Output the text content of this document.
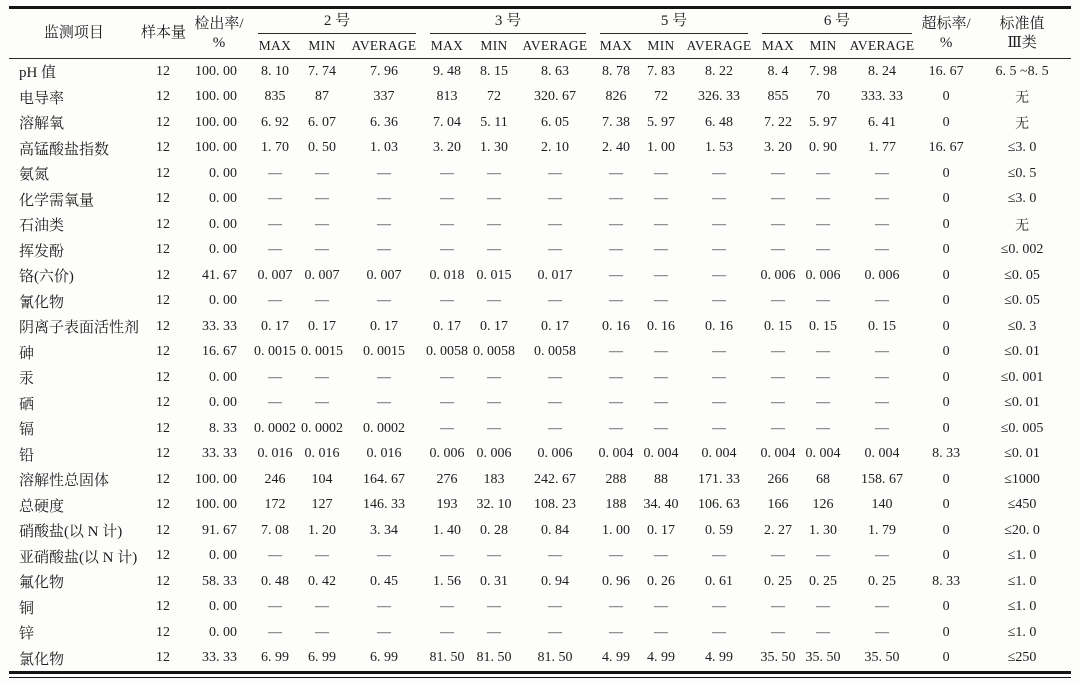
监测项目	样本量	检出率/
%	2 号			3 号			5 号			6 号			超标率/
%	标准值
Ⅲ类

			MAX	MIN	AVERAGE	MAX	MIN	AVERAGE	MAX	MIN	AVERAGE	MAX	MIN	AVERAGE		
pH 值	12	100. 00	8. 10	7. 74	7. 96	9. 48	8. 15	8. 63	8. 78	7. 83	8. 22	8. 4	7. 98	8. 24	16. 67	6. 5 ~8. 5
电导率	12	100. 00	835	87	337	813	72	320. 67	826	72	326. 33	855	70	333. 33	0	无
溶解氧	12	100. 00	6. 92	6. 07	6. 36	7. 04	5. 11	6. 05	7. 38	5. 97	6. 48	7. 22	5. 97	6. 41	0	无
高锰酸盐指数	12	100. 00	1. 70	0. 50	1. 03	3. 20	1. 30	2. 10	2. 40	1. 00	1. 53	3. 20	0. 90	1. 77	16. 67	≤3. 0
氨氮	12	0. 00	—	—	—	—	—	—	—	—	—	—	—	—	0	≤0. 5
化学需氧量	12	0. 00	—	—	—	—	—	—	—	—	—	—	—	—	0	≤3. 0
石油类	12	0. 00	—	—	—	—	—	—	—	—	—	—	—	—	0	无
挥发酚	12	0. 00	—	—	—	—	—	—	—	—	—	—	—	—	0	≤0. 002
铬(六价)	12	41. 67	0. 007	0. 007	0. 007	0. 018	0. 015	0. 017	—	—	—	0. 006	0. 006	0. 006	0	≤0. 05
氰化物	12	0. 00	—	—	—	—	—	—	—	—	—	—	—	—	0	≤0. 05
阴离子表面活性剂	12	33. 33	0. 17	0. 17	0. 17	0. 17	0. 17	0. 17	0. 16	0. 16	0. 16	0. 15	0. 15	0. 15	0	≤0. 3
砷	12	16. 67	0. 0015	0. 0015	0. 0015	0. 0058	0. 0058	0. 0058	—	—	—	—	—	—	0	≤0. 01
汞	12	0. 00	—	—	—	—	—	—	—	—	—	—	—	—	0	≤0. 001
硒	12	0. 00	—	—	—	—	—	—	—	—	—	—	—	—	0	≤0. 01
镉	12	8. 33	0. 0002	0. 0002	0. 0002	—	—	—	—	—	—	—	—	—	0	≤0. 005
铅	12	33. 33	0. 016	0. 016	0. 016	0. 006	0. 006	0. 006	0. 004	0. 004	0. 004	0. 004	0. 004	0. 004	8. 33	≤0. 01
溶解性总固体	12	100. 00	246	104	164. 67	276	183	242. 67	288	88	171. 33	266	68	158. 67	0	≤1000
总硬度	12	100. 00	172	127	146. 33	193	32. 10	108. 23	188	34. 40	106. 63	166	126	140	0	≤450
硝酸盐(以 N 计)	12	91. 67	7. 08	1. 20	3. 34	1. 40	0. 28	0. 84	1. 00	0. 17	0. 59	2. 27	1. 30	1. 79	0	≤20. 0
亚硝酸盐(以 N 计)	12	0. 00	—	—	—	—	—	—	—	—	—	—	—	—	0	≤1. 0
氟化物	12	58. 33	0. 48	0. 42	0. 45	1. 56	0. 31	0. 94	0. 96	0. 26	0. 61	0. 25	0. 25	0. 25	8. 33	≤1. 0
铜	12	0. 00	—	—	—	—	—	—	—	—	—	—	—	—	0	≤1. 0
锌	12	0. 00	—	—	—	—	—	—	—	—	—	—	—	—	0	≤1. 0
氯化物	12	33. 33	6. 99	6. 99	6. 99	81. 50	81. 50	81. 50	4. 99	4. 99	4. 99	35. 50	35. 50	35. 50	0	≤250
